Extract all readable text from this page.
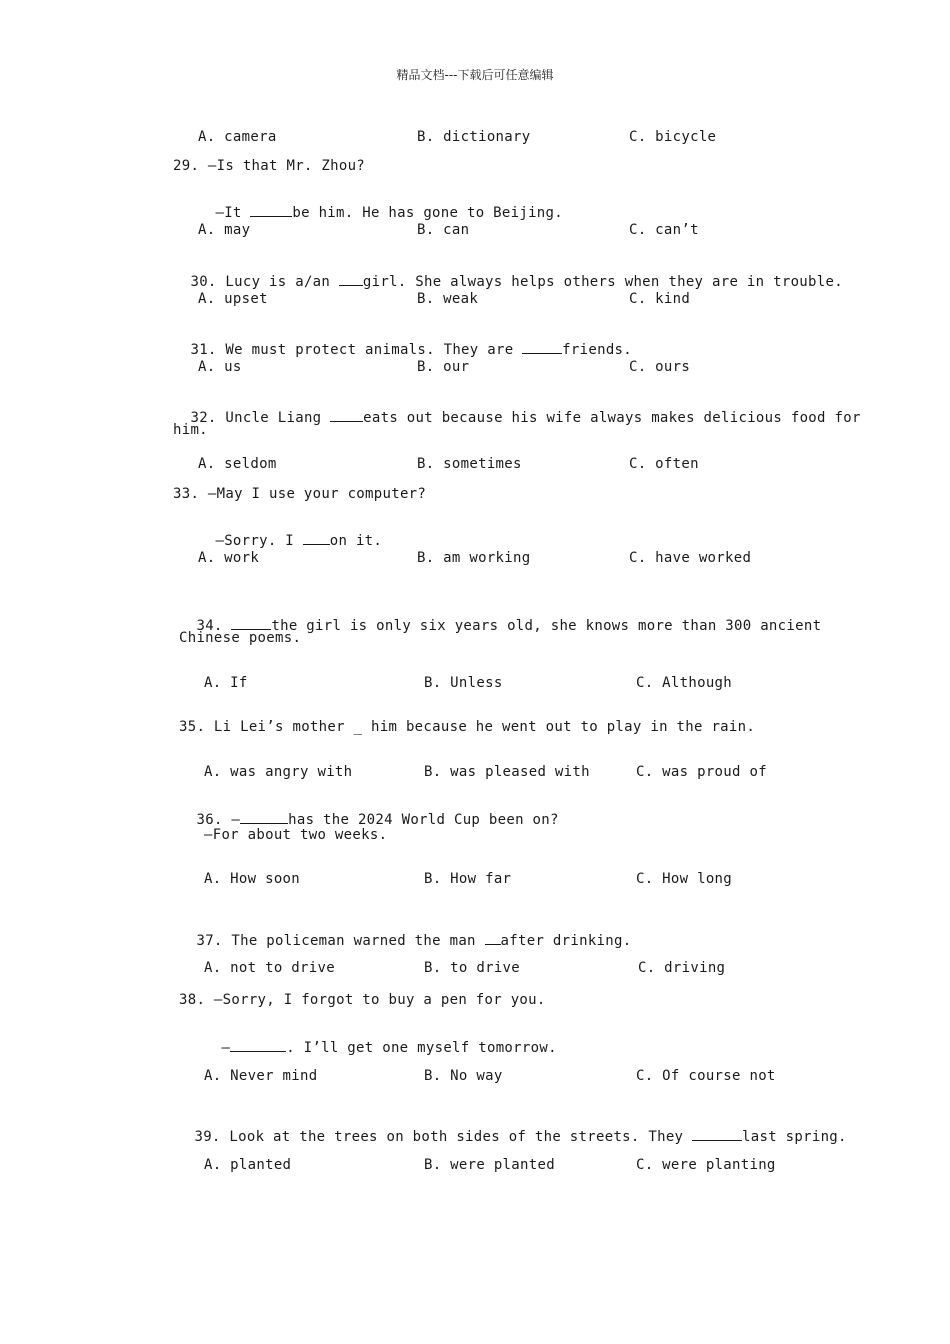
精品文档---下载后可任意编辑
A. camera	B. dictionary	C. bicycle
29. —Is that Mr. Zhou?

—It	be him. He has gone to Beijing.

A. may	B. can	C. can’t

30. Lucy is a/an girl. She always helps others when they are in trouble.

A. upset	B. weak	C. kind

31. We must protect animals. They are	friends.

A. us	B. our	C. ours

32. Uncle Liang eats out because his wife always makes delicious food for

him.
A. seldom	B. sometimes	C. often
33. —May I use your computer?

—Sorry. I on it.

A. work	B. am working	C. have worked

34.	the girl is only six years old, she knows more than 300 ancient

Chinese poems.
A. If	B. Unless	C. Although
35. Li Lei’s mother _ him because he went out to play in the rain.
A. was angry with	B. was pleased with	C. was proud of

36. —	has the 2024 World Cup been on?

—For about two weeks.
A. How soon	B. How far	C. How long

37. The policeman warned the man after drinking.

A. not to drive	B. to drive	C. driving
38. —Sorry, I forgot to buy a pen for you.

—	. I’ll get one myself tomorrow.

A. Never mind	B. No way	C. Of course not

39. Look at the trees on both sides of the streets. They	last spring.

A. planted	B. were planted	C. were planting
